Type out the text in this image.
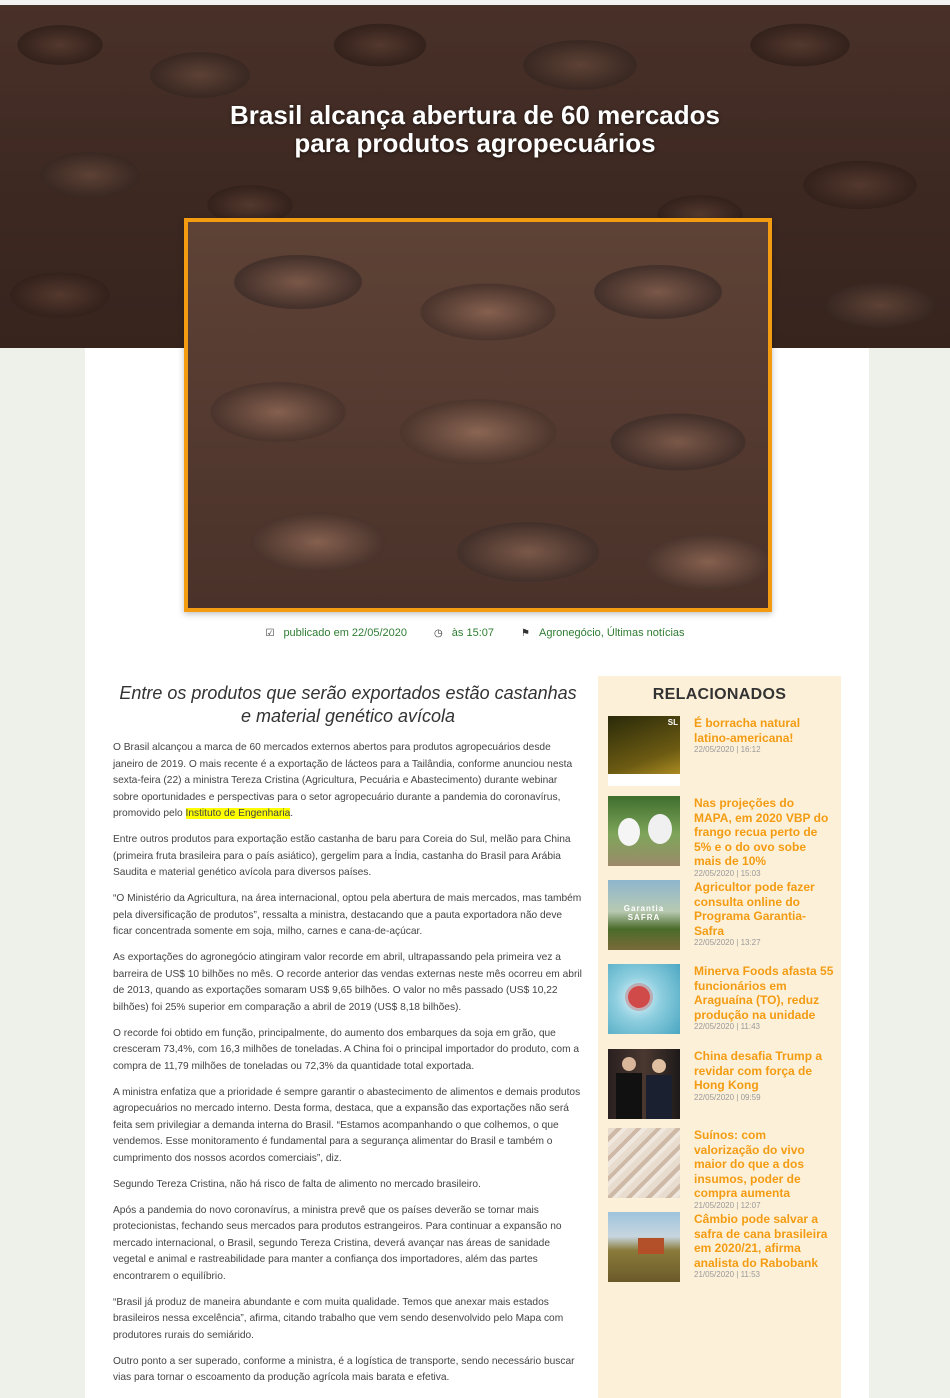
Brasil alcança abertura de 60 mercados
para produtos agropecuários
☑ publicado em 22/05/2020	◷ às 15:07	⚑ Agronegócio, Últimas notícias
Entre os produtos que serão exportados estão castanhas e material genético avícola

O Brasil alcançou a marca de 60 mercados externos abertos para produtos agropecuários desde janeiro de 2019. O mais recente é a exportação de lácteos para a Tailândia, conforme anunciou nesta sexta-feira (22) a ministra Tereza Cristina (Agricultura, Pecuária e Abastecimento) durante webinar sobre oportunidades e perspectivas para o setor agropecuário durante a pandemia do coronavírus, promovido pelo Instituto de Engenharia.

Entre outros produtos para exportação estão castanha de baru para Coreia do Sul, melão para China (primeira fruta brasileira para o país asiático), gergelim para a Índia, castanha do Brasil para Arábia Saudita e material genético avícola para diversos países.

“O Ministério da Agricultura, na área internacional, optou pela abertura de mais mercados, mas também pela diversificação de produtos”, ressalta a ministra, destacando que a pauta exportadora não deve ficar concentrada somente em soja, milho, carnes e cana-de-açúcar.

As exportações do agronegócio atingiram valor recorde em abril, ultrapassando pela primeira vez a barreira de US$ 10 bilhões no mês. O recorde anterior das vendas externas neste mês ocorreu em abril de 2013, quando as exportações somaram US$ 9,65 bilhões. O valor no mês passado (US$ 10,22 bilhões) foi 25% superior em comparação a abril de 2019 (US$ 8,18 bilhões).

O recorde foi obtido em função, principalmente, do aumento dos embarques da soja em grão, que cresceram 73,4%, com 16,3 milhões de toneladas. A China foi o principal importador do produto, com a compra de 11,79 milhões de toneladas ou 72,3% da quantidade total exportada.

A ministra enfatiza que a prioridade é sempre garantir o abastecimento de alimentos e demais produtos agropecuários no mercado interno. Desta forma, destaca, que a expansão das exportações não será feita sem privilegiar a demanda interna do Brasil. “Estamos acompanhando o que colhemos, o que vendemos. Esse monitoramento é fundamental para a segurança alimentar do Brasil e também o cumprimento dos nossos acordos comerciais”, diz.

Segundo Tereza Cristina, não há risco de falta de alimento no mercado brasileiro.

Após a pandemia do novo coronavírus, a ministra prevê que os países deverão se tornar mais protecionistas, fechando seus mercados para produtos estrangeiros. Para continuar a expansão no mercado internacional, o Brasil, segundo Tereza Cristina, deverá avançar nas áreas de sanidade vegetal e animal e rastreabilidade para manter a confiança dos importadores, além das partes encontrarem o equilíbrio.

“Brasil já produz de maneira abundante e com muita qualidade. Temos que anexar mais estados brasileiros nessa excelência”, afirma, citando trabalho que vem sendo desenvolvido pelo Mapa com produtores rurais do semiárido.

Outro ponto a ser superado, conforme a ministra, é a logística de transporte, sendo necessário buscar vias para tornar o escoamento da produção agrícola mais barata e efetiva.

RELACIONADOS
SL É borracha natural latino-americana!
22/05/2020 | 16:12
Nas projeções do MAPA, em 2020 VBP do frango recua perto de 5% e o do ovo sobe mais de 10%
22/05/2020 | 15:03
Garantia SAFRA
Agricultor pode fazer consulta online do Programa Garantia-Safra
22/05/2020 | 13:27
Minerva Foods afasta 55 funcionários em Araguaína (TO), reduz produção na unidade
22/05/2020 | 11:43
China desafia Trump a revidar com força de Hong Kong
22/05/2020 | 09:59
Suínos: com valorização do vivo maior do que a dos insumos, poder de compra aumenta
21/05/2020 | 12:07
Câmbio pode salvar a safra de cana brasileira em 2020/21, afirma analista do Rabobank
21/05/2020 | 11:53
